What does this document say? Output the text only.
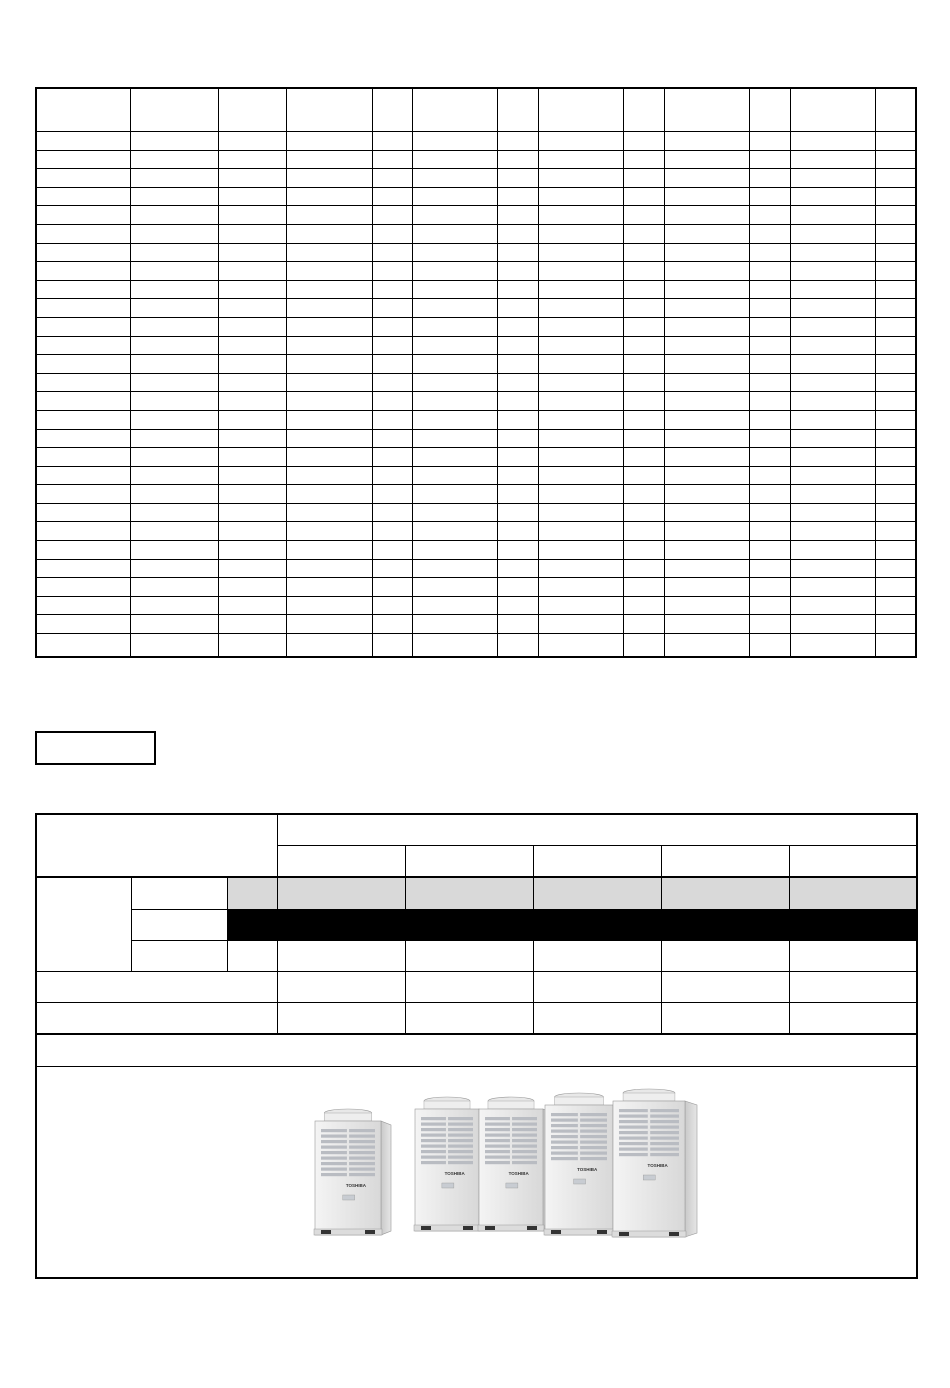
TOSHIBA
TOSHIBA TOSHIBA
TOSHIBA
TOSHIBA							
